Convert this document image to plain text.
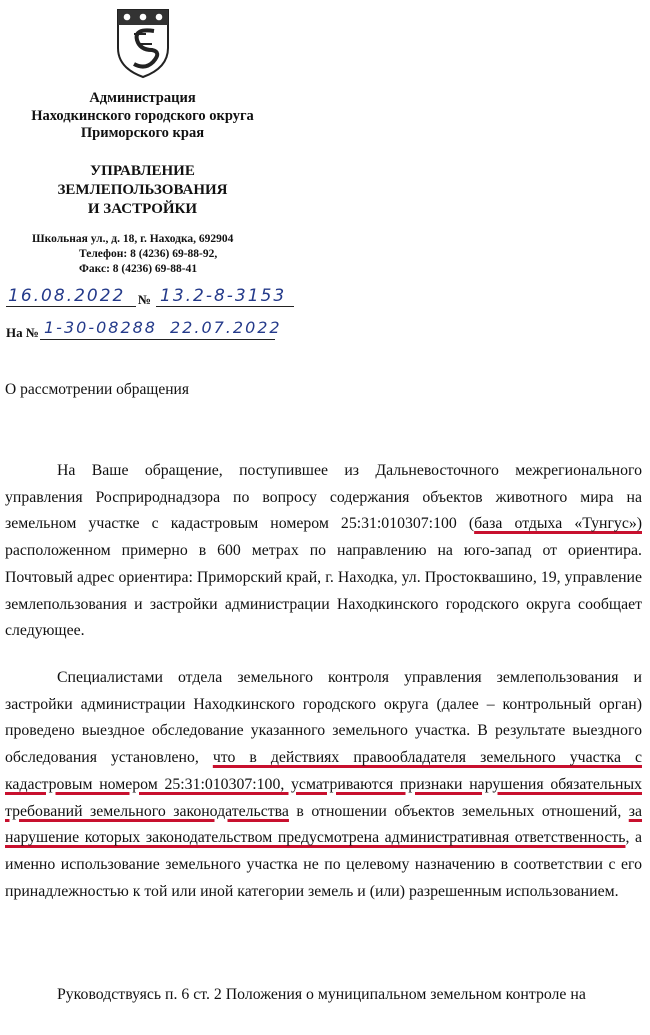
Администрация
Находкинского городского округа
Приморского края
УПРАВЛЕНИЕ
ЗЕМЛЕПОЛЬЗОВАНИЯ
И ЗАСТРОЙКИ
Школьная ул., д. 18, г. Находка, 692904
Телефон: 8 (4236) 69-88-92,
Факс: 8 (4236) 69-88-41
16.08.2022 № 13.2-8-3153
На № 1-30-08288 22.07.2022
О рассмотрении обращения
На Ваше обращение, поступившее из Дальневосточного межрегионального управления Росприроднадзора по вопросу содержания объектов животного мира на земельном участке с кадастровым номером 25:31:010307:100 (база отдыха «Тунгус») расположенном примерно в 600 метрах по направлению на юго-запад от ориентира. Почтовый адрес ориентира: Приморский край, г. Находка, ул. Простоквашино, 19, управление землепользования и застройки администрации Находкинского городского округа сообщает следующее.
Специалистами отдела земельного контроля управления землепользования и застройки администрации Находкинского городского округа (далее – контрольный орган) проведено выездное обследование указанного земельного участка. В результате выездного обследования установлено, что в действиях правообладателя земельного участка с кадастровым номером 25:31:010307:100, усматриваются признаки нарушения обязательных требований земельного законодательства в отношении объектов земельных отношений, за нарушение которых законодательством предусмотрена административная ответственность, а именно использование земельного участка не по целевому назначению в соответствии с его принадлежностью к той или иной категории земель и (или) разрешенным использованием.
Руководствуясь п. 6 ст. 2 Положения о муниципальном земельном контроле на
